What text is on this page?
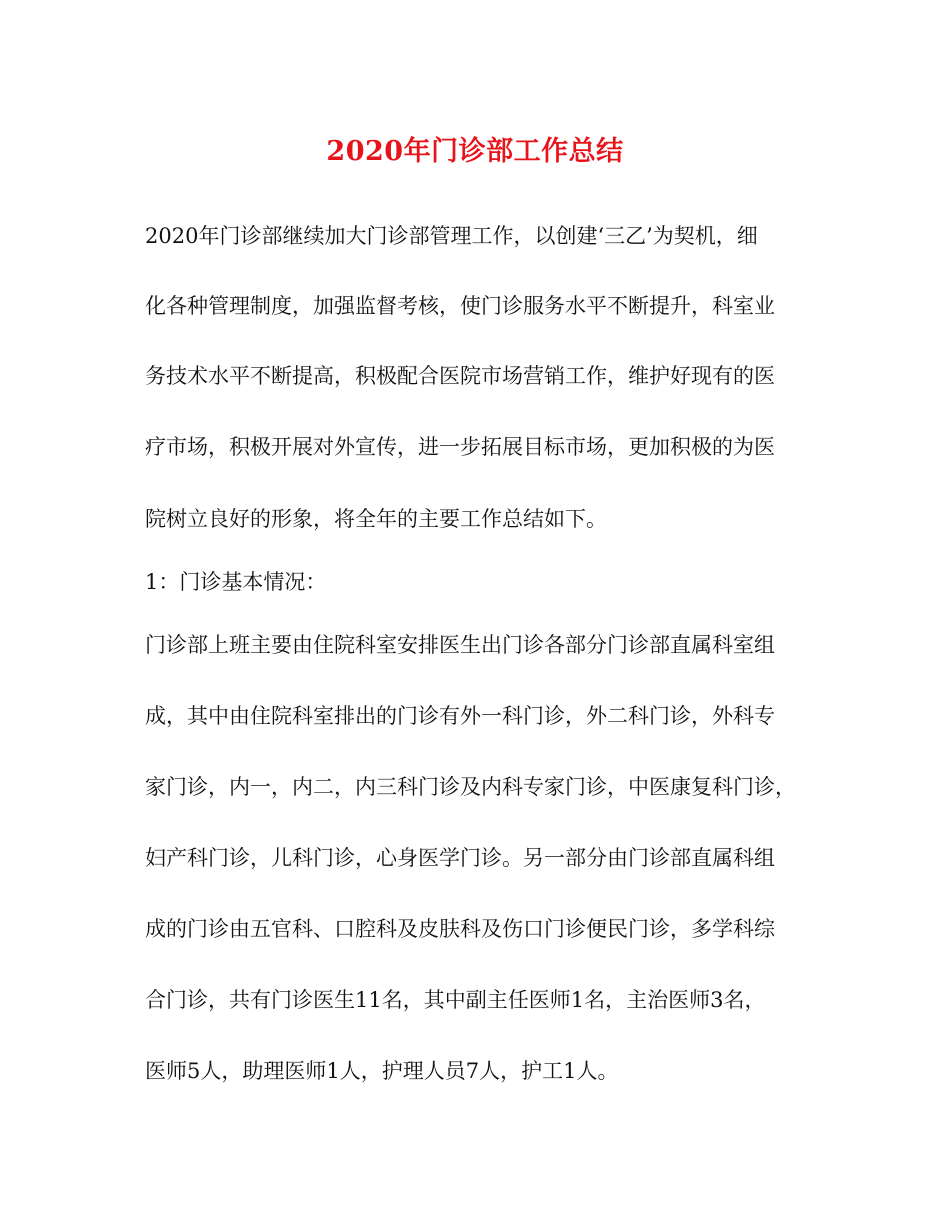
2020年门诊部工作总结

2020年门诊部继续加大门诊部管理工作，以创建‘三乙’为契机，细

化各种管理制度，加强监督考核，使门诊服务水平不断提升，科室业

务技术水平不断提高，积极配合医院市场营销工作，维护好现有的医

疗市场，积极开展对外宣传，进一步拓展目标市场，更加积极的为医

院树立良好的形象，将全年的主要工作总结如下。

1：门诊基本情况：

门诊部上班主要由住院科室安排医生出门诊各部分门诊部直属科室组

成，其中由住院科室排出的门诊有外一科门诊，外二科门诊，外科专

家门诊，内一，内二，内三科门诊及内科专家门诊，中医康复科门诊，

妇产科门诊，儿科门诊，心身医学门诊。另一部分由门诊部直属科组

成的门诊由五官科、口腔科及皮肤科及伤口门诊便民门诊，多学科综

合门诊，共有门诊医生11名，其中副主任医师1名，主治医师3名，

医师5人，助理医师1人，护理人员7人，护工1人。
